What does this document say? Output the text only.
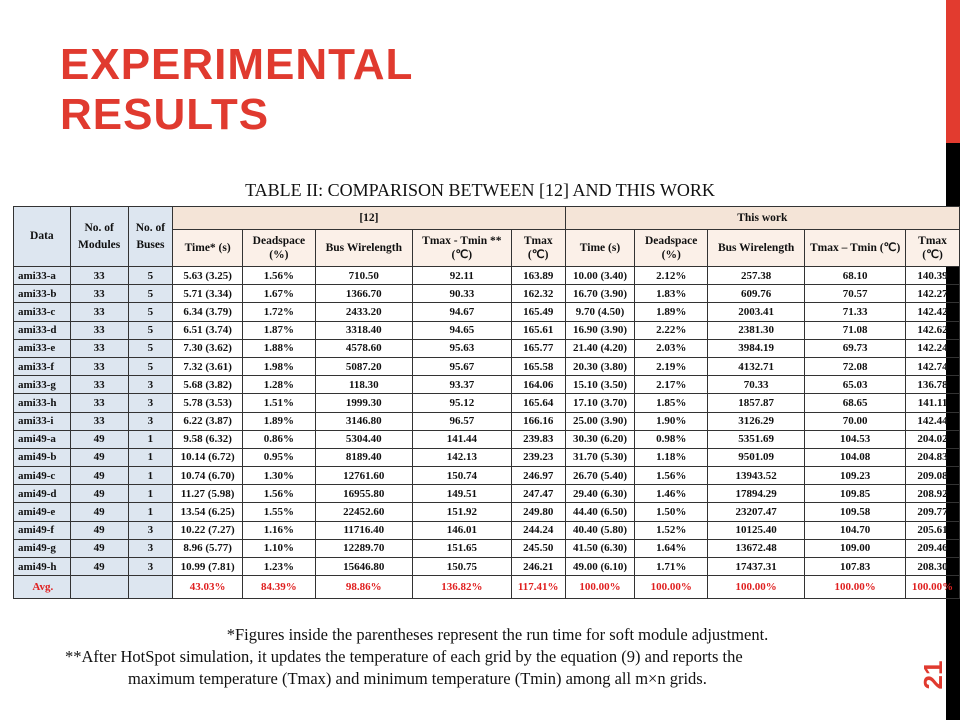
EXPERIMENTAL
RESULTS
21
TABLE II: COMPARISON BETWEEN [12] AND THIS WORK
Data	No. of Modules	No. of Buses	[12]					This work				
			Time* (s)	Deadspace (%)	Bus Wirelength	Tmax - Tmin ** (℃)	Tmax (℃)	Time (s)	Deadspace (%)	Bus Wirelength	Tmax – Tmin (℃)	Tmax (℃)
ami33-a	33	5	5.63 (3.25)	1.56%	710.50	92.11	163.89	10.00 (3.40)	2.12%	257.38	68.10	140.39
ami33-b	33	5	5.71 (3.34)	1.67%	1366.70	90.33	162.32	16.70 (3.90)	1.83%	609.76	70.57	142.27
ami33-c	33	5	6.34 (3.79)	1.72%	2433.20	94.67	165.49	9.70 (4.50)	1.89%	2003.41	71.33	142.42
ami33-d	33	5	6.51 (3.74)	1.87%	3318.40	94.65	165.61	16.90 (3.90)	2.22%	2381.30	71.08	142.62
ami33-e	33	5	7.30 (3.62)	1.88%	4578.60	95.63	165.77	21.40 (4.20)	2.03%	3984.19	69.73	142.24
ami33-f	33	5	7.32 (3.61)	1.98%	5087.20	95.67	165.58	20.30 (3.80)	2.19%	4132.71	72.08	142.74
ami33-g	33	3	5.68 (3.82)	1.28%	118.30	93.37	164.06	15.10 (3.50)	2.17%	70.33	65.03	136.78
ami33-h	33	3	5.78 (3.53)	1.51%	1999.30	95.12	165.64	17.10 (3.70)	1.85%	1857.87	68.65	141.11
ami33-i	33	3	6.22 (3.87)	1.89%	3146.80	96.57	166.16	25.00 (3.90)	1.90%	3126.29	70.00	142.44
ami49-a	49	1	9.58 (6.32)	0.86%	5304.40	141.44	239.83	30.30 (6.20)	0.98%	5351.69	104.53	204.02
ami49-b	49	1	10.14 (6.72)	0.95%	8189.40	142.13	239.23	31.70 (5.30)	1.18%	9501.09	104.08	204.83
ami49-c	49	1	10.74 (6.70)	1.30%	12761.60	150.74	246.97	26.70 (5.40)	1.56%	13943.52	109.23	209.08
ami49-d	49	1	11.27 (5.98)	1.56%	16955.80	149.51	247.47	29.40 (6.30)	1.46%	17894.29	109.85	208.92
ami49-e	49	1	13.54 (6.25)	1.55%	22452.60	151.92	249.80	44.40 (6.50)	1.50%	23207.47	109.58	209.77
ami49-f	49	3	10.22 (7.27)	1.16%	11716.40	146.01	244.24	40.40 (5.80)	1.52%	10125.40	104.70	205.61
ami49-g	49	3	8.96 (5.77)	1.10%	12289.70	151.65	245.50	41.50 (6.30)	1.64%	13672.48	109.00	209.46
ami49-h	49	3	10.99 (7.81)	1.23%	15646.80	150.75	246.21	49.00 (6.10)	1.71%	17437.31	107.83	208.30
Avg.			43.03%	84.39%	98.86%	136.82%	117.41%	100.00%	100.00%	100.00%	100.00%	100.00%
*Figures inside the parentheses represent the run time for soft module adjustment.
**After HotSpot simulation, it updates the temperature of each grid by the equation (9) and reports the
maximum temperature (Tmax) and minimum temperature (Tmin) among all m×n grids.
